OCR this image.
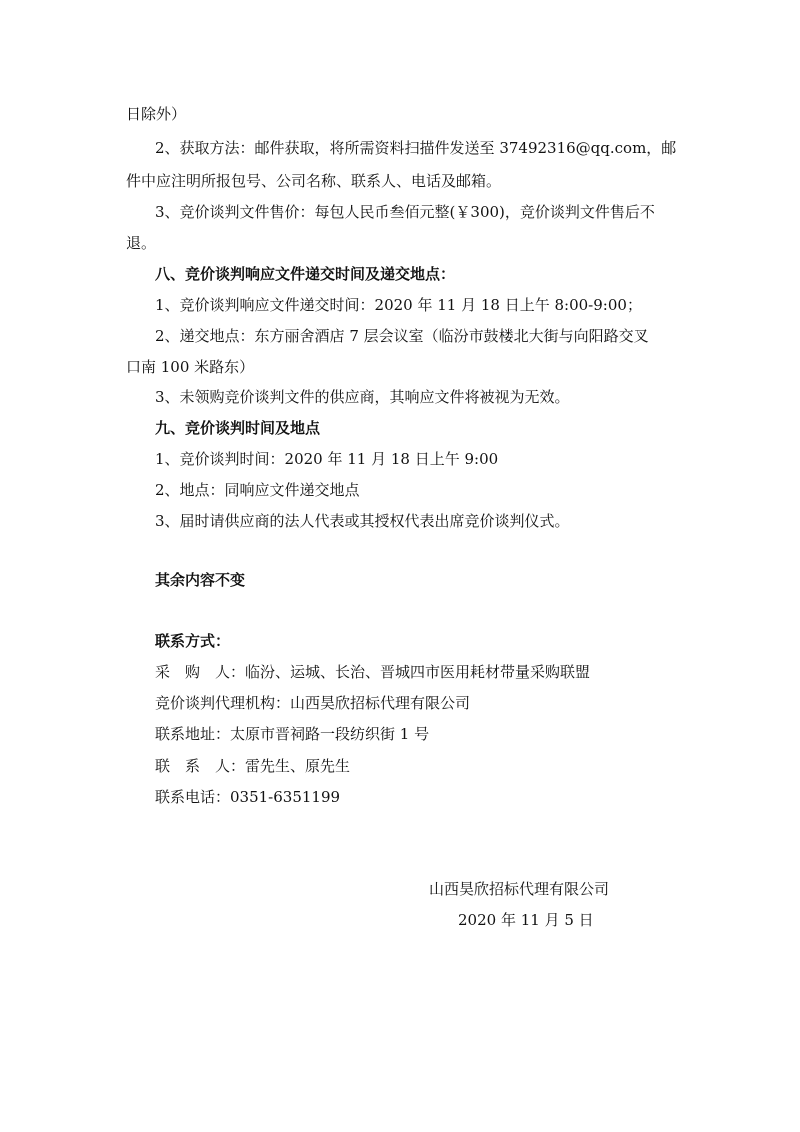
日除外）
2、获取方法：邮件获取，将所需资料扫描件发送至 37492316@qq.com，邮
件中应注明所报包号、公司名称、联系人、电话及邮箱。
3、竞价谈判文件售价：每包人民币叁佰元整(￥300)，竞价谈判文件售后不
退。
八、竞价谈判响应文件递交时间及递交地点：
1、竞价谈判响应文件递交时间：2020 年 11 月 18 日上午 8:00-9:00；
2、递交地点：东方丽舍酒店 7 层会议室（临汾市鼓楼北大街与向阳路交叉
口南 100 米路东）
3、未领购竞价谈判文件的供应商，其响应文件将被视为无效。
九、竞价谈判时间及地点
1、竞价谈判时间：2020 年 11 月 18 日上午 9:00
2、地点：同响应文件递交地点
3、届时请供应商的法人代表或其授权代表出席竞价谈判仪式。
其余内容不变
联系方式：
采　购　人：临汾、运城、长治、晋城四市医用耗材带量采购联盟
竞价谈判代理机构：山西昊欣招标代理有限公司
联系地址：太原市晋祠路一段纺织街 1 号
联　系　人：雷先生、原先生
联系电话：0351-6351199
山西昊欣招标代理有限公司
2020 年 11 月 5 日
